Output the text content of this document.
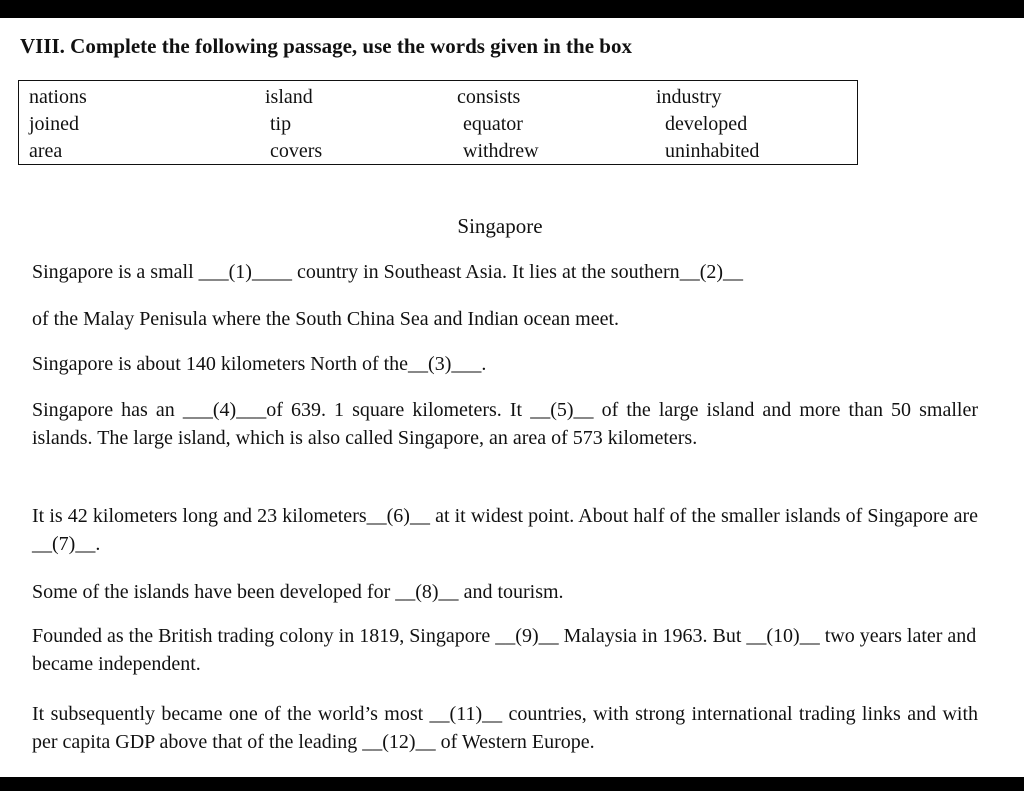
VIII. Complete the following passage, use the words given in the box
nations
joined
area
island
tip
covers
consists
equator
withdrew
industry
developed
uninhabited
Singapore
Singapore is a small ___(1)____ country in Southeast Asia. It lies at the southern__(2)__
of the Malay Penisula where the South China Sea and Indian ocean meet.
Singapore is about 140 kilometers North of the__(3)___.
Singapore has an ___(4)___of 639. 1 square kilometers. It __(5)__ of the large island and more than 50 smaller islands. The large island, which is also called Singapore, an area of 573 kilometers.
It is 42 kilometers long and 23 kilometers__(6)__ at it widest point. About half of the smaller islands of Singapore are __(7)__.
Some of the islands have been developed for __(8)__ and tourism.
Founded as the British trading colony in 1819, Singapore __(9)__ Malaysia in 1963. But __(10)__ two years later and became independent.
It subsequently became one of the world’s most __(11)__ countries, with strong international trading links and with per capita GDP above that of the leading __(12)__ of Western Europe.
